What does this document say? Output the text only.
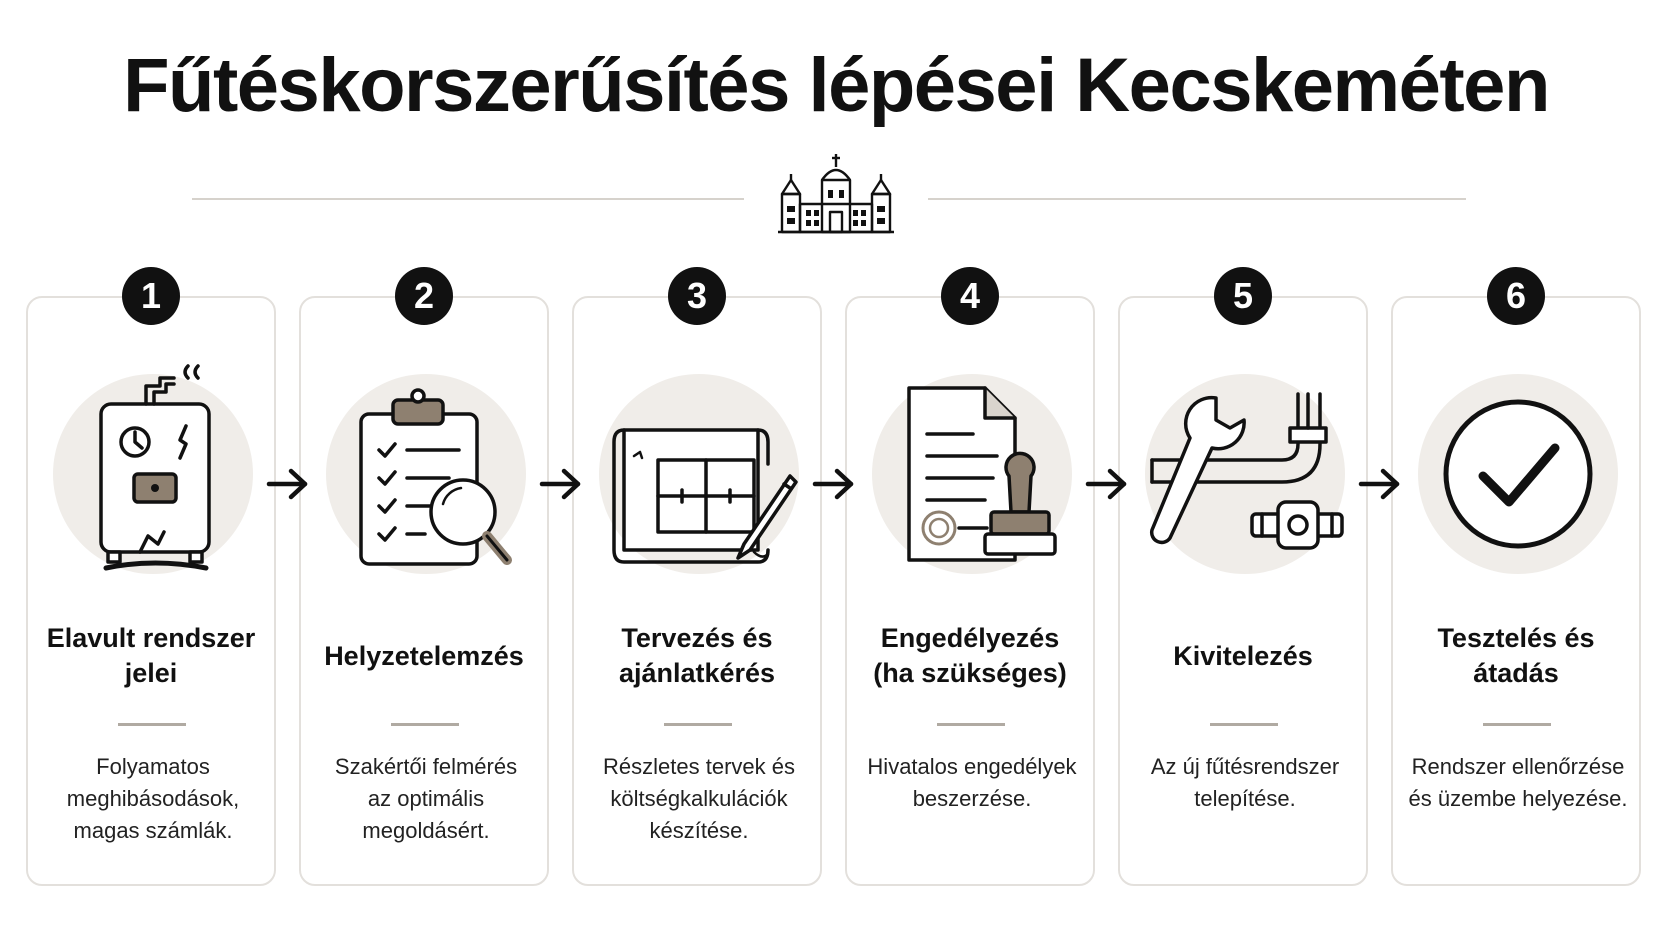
Fűtéskorszerűsítés lépései Kecskeméten
Elavult rendszer
jelei
Folyamatos
meghibásodások,
magas számlák.
Helyzetelemzés
Szakértői felmérés
az optimális
megoldásért.
Tervezés és
ajánlatkérés
Részletes tervek és
költségkalkulációk
készítése.
Engedélyezés
(ha szükséges)
Hivatalos engedélyek
beszerzése.
Kivitelezés
Az új fűtésrendszer
telepítése.
Tesztelés és
átadás
Rendszer ellenőrzése
és üzembe helyezése.
1	2	3	4	5	6
